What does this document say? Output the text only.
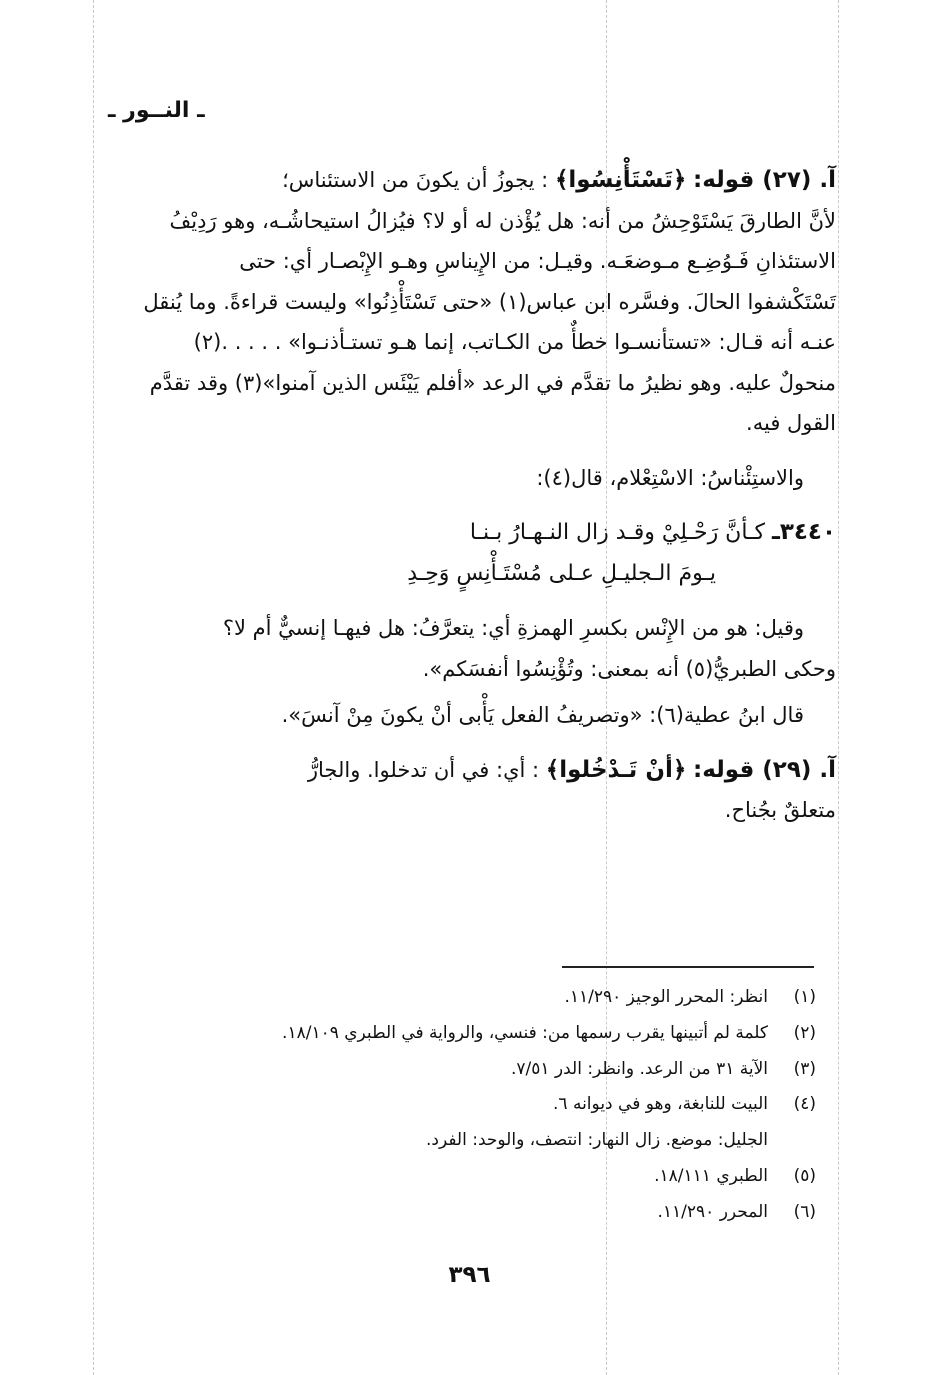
ـ النــور ـ

آ. (٢٧) قوله: ﴿تَسْتَأْنِسُوا﴾ : يجوزُ أن يكونَ من الاستئناس؛

لأنَّ الطارقَ يَسْتَوْحِشُ من أنه: هل يُؤْذن له أو لا؟ فيُزالُ استيحاشُـه، وهو رَدِيْفُ

الاستئذانِ فَـوُضِـع مـوضعَـه. وقيـل: من الإِيناسِ وهـو الإِبْصـار أي: حتى

تَسْتَكْشفوا الحالَ. وفسَّره ابن عباس(١) «حتى تَسْتَأْذِنُوا» وليست قراءةً. وما يُنقل

عنـه أنه قـال: «تستأنسـوا خطأٌ من الكـاتب، إنما هـو تستـأذنـوا» . . . . .(٢)

منحولٌ عليه. وهو نظيرُ ما تقدَّم في الرعد «أفلم يَيْئَس الذين آمنوا»(٣) وقد تقدَّم

القول فيه.

والاستِئْناسُ: الاسْتِعْلام، قال(٤):

٣٤٤٠ـ كـأنَّ رَحْـلِيْ وقـد زال النـهـارُ بـنـا

يـومَ الـجليـلِ عـلى مُسْتَـأْنِسٍ وَحِـدِ

وقيل: هو من الإِنْس بكسرِ الهمزةِ أي: يتعرَّفُ: هل فيهـا إنسيٌّ أم لا؟

وحكى الطبريُّ(٥) أنه بمعنى: وتُؤْنِسُوا أنفسَكم».

قال ابنُ عطية(٦): «وتصريفُ الفعل يَأْبى أنْ يكونَ مِنْ آنسَ».

آ. (٢٩) قوله: ﴿أنْ تَـدْخُلوا﴾ : أي: في أن تدخلوا. والجارُّ

متعلقٌ بجُناح.

(١)
انظر: المحرر الوجيز ١١/٢٩٠.
(٢)
كلمة لم أتبينها يقرب رسمها من: فنسي، والرواية في الطبري ١٨/١٠٩.
(٣)
الآية ٣١ من الرعد. وانظر: الدر ٧/٥١.
(٤)
البيت للنابغة، وهو في ديوانه ٦.
الجليل: موضع. زال النهار: انتصف، والوحد: الفرد.
(٥)
الطبري ١٨/١١١.
(٦)
المحرر ١١/٢٩٠.
٣٩٦
